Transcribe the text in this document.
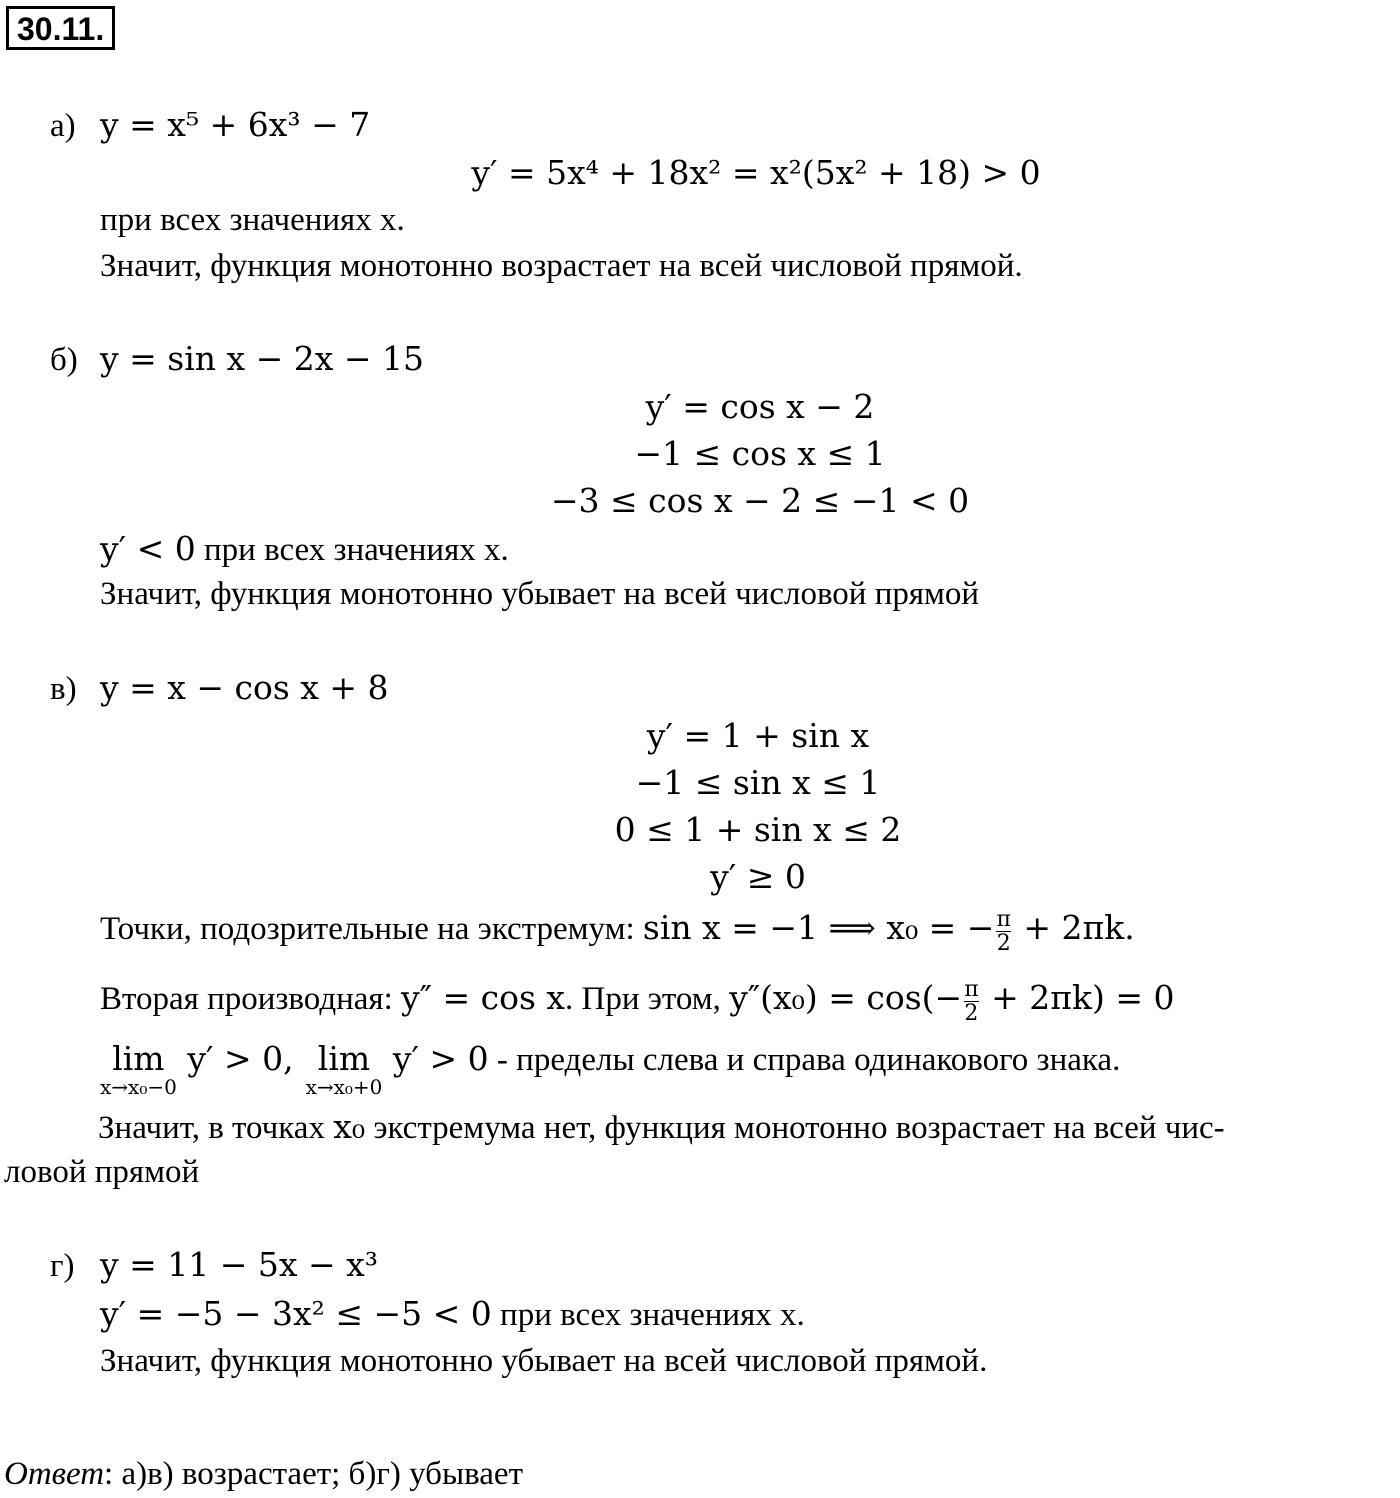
30.11.
а) y = x⁵ + 6x³ − 7
y′ = 5x⁴ + 18x² = x²(5x² + 18) > 0
при всех значениях x.
Значит, функция монотонно возрастает на всей числовой прямой.
б) y = sin x − 2x − 15
y′ = cos x − 2
−1 ≤ cos x ≤ 1
−3 ≤ cos x − 2 ≤ −1 < 0
y′ < 0 при всех значениях x.
Значит, функция монотонно убывает на всей числовой прямой
в) y = x − cos x + 8
y′ = 1 + sin x
−1 ≤ sin x ≤ 1
0 ≤ 1 + sin x ≤ 2
y′ ≥ 0
Точки, подозрительные на экстремум: sin x = −1 ⟹ x₀ = − $\frac{\pi}{2} + 2\pi k$.
Вторая производная: y″ = cos x. При этом, $y''(x_0) = \cos(- \frac{\pi}{2} + 2\pi k) = 0$
lim
x→x₀−0
y′ > 0, lim
x→x₀+0
y′ > 0 - пределы слева и справа одинакового знака.
Значит, в точках x₀ экстремума нет, функция монотонно возрастает на всей чис-
ловой прямой
г) y = 11 − 5x − x³
y′ = −5 − 3x² ≤ −5 < 0 при всех значениях x.
Значит, функция монотонно убывает на всей числовой прямой.
Ответ: а)в) возрастает; б)г) убывает
